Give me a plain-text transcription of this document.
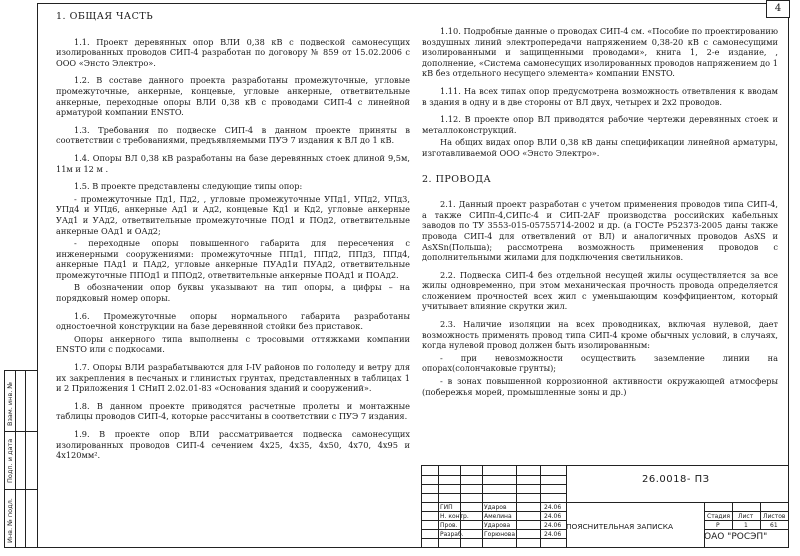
4
Взам. инв. №
Подп. и дата
Инв. № подл.

1. ОБЩАЯ ЧАСТЬ

1.1. Проект деревянных опор ВЛИ 0,38 кВ с подвеской самонесущих изолированных проводов СИП-4 разработан по договору № 859 от 15.02.2006 с ООО «Энсто Электро».

1.2. В составе данного проекта разработаны промежуточные, угловые промежуточные, анкерные, концевые, угловые анкерные, ответвительные анкерные, переходные опоры ВЛИ 0,38 кВ с проводами СИП-4 с линейной арматурой компании ENSTO.

1.3. Требования по подвеске СИП-4 в данном проекте приняты в соответствии с требованиями, предъявляемыми ПУЭ 7 издания к ВЛ до 1 кВ.

1.4. Опоры ВЛ 0,38 кВ разработаны на базе деревянных стоек длиной 9,5м, 11м и 12 м .

1.5. В проекте представлены следующие типы опор:

- промежуточные Пд1, Пд2, , угловые промежуточные УПд1, УПд2, УПд3, УПд4 и УПд6, анкерные Ад1 и Ад2, концевые Кд1 и Кд2, угловые анкерные УАд1 и УАд2, ответвительные промежуточные ПОд1 и ПОд2, ответвительные анкерные ОАд1 и ОАд2;

- переходные опоры повышенного габарита для пересечения с инженерными сооружениями: промежуточные ППд1, ППд2, ППд3, ППд4, анкерные ПАд1 и ПАд2, угловые анкерные ПУАд1и ПУАд2, ответвительные промежуточные ППОд1 и ППОд2, ответвительные анкерные ПОАд1 и ПОАд2.

В обозначении опор буквы указывают на тип опоры, а цифры – на порядковый номер опоры.

1.6. Промежуточные опоры нормального габарита разработаны одностоечной конструкции на базе деревянной стойки без приставок.

Опоры анкерного типа выполнены с тросовыми оттяжками компании ENSTO или с подкосами.

1.7. Опоры ВЛИ разрабатываются для I-IV районов по гололеду и ветру для их закрепления в песчаных и глинистых грунтах, представленных в таблицах 1 и 2 Приложения 1 СНиП 2.02.01-83 «Основания зданий и сооружений».

1.8. В данном проекте приводятся расчетные пролеты и монтажные таблицы проводов СИП-4, которые рассчитаны в соответствии с ПУЭ 7 издания.

1.9. В проекте опор ВЛИ рассматривается подвеска самонесущих изолированных проводов СИП-4 сечением 4х25, 4х35, 4х50, 4х70, 4х95 и 4х120мм².

1.10. Подробные данные о проводах СИП-4 см. «Пособие по проектированию воздушных линий электропередачи напряжением 0,38-20 кВ с самонесущими изолированными и защищенными проводами», книга 1, 2-е издание, , дополнение, «Система самонесущих изолированных проводов напряжением до 1 кВ без отдельного несущего элемента» компании ENSTO.

1.11. На всех типах опор предусмотрена возможность ответвления к вводам в здания в одну и в две стороны от ВЛ двух, четырех и 2х2 проводов.

1.12. В проекте опор ВЛ приводятся рабочие чертежи деревянных стоек и металлоконструкций.

На общих видах опор ВЛИ 0,38 кВ даны спецификации линейной арматуры, изготавливаемой ООО «Энсто Электро».

2. ПРОВОДА

2.1. Данный проект разработан с учетом применения проводов типа СИП-4, а также СИПп-4,СИПс-4 и СИП-2АF производства российских кабельных заводов по ТУ 3553-015-05755714-2002 и др. (а ГОСТе Р52373-2005 даны также провода СИП-4 для ответвлений от ВЛ) и аналогичных проводов AsXS и AsXSn(Польша); рассмотрена возможность применения проводов с дополнительными жилами для подключения светильников.

2.2. Подвеска СИП-4 без отдельной несущей жилы осуществляется за все жилы одновременно, при этом механическая прочность провода определяется сложением прочностей всех жил с уменьшающим коэффициентом, который учитывает влияние скрутки жил.

2.3. Наличие изоляции на всех проводниках, включая нулевой, дает возможность применять провод типа СИП-4 кроме обычных условий, в случаях, когда нулевой провод должен быть изолированным:

- при невозможности осуществить заземление линии на опорах(солончаковые грунты);

- в зонах повышенной коррозионной активности окружающей атмосферы (побережья морей, промышленные зоны и др.)

26.0018- ПЗ
ПОЯСНИТЕЛЬНАЯ ЗАПИСКА
ОАО "РОСЭП"
Стадия Лист Листов
Р	1	61
ГИП	Ударов	24.06
Н. контр.	Амелина	24.06
Пров.	Ударова	24.06
Разраб.	Горюнова	24.06
